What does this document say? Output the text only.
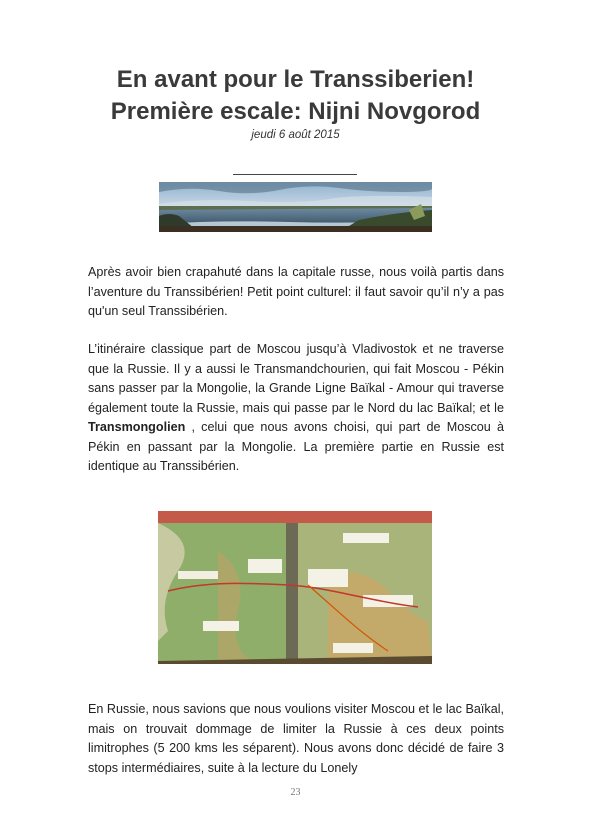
En avant pour le Transsiberien!
Première escale: Nijni Novgorod
jeudi 6 août 2015

Après avoir bien crapahuté dans la capitale russe, nous voilà partis dans l’aventure du Transsibérien! Petit point culturel: il faut savoir qu’il n’y a pas qu'un seul Transsibérien.

L’itinéraire classique part de Moscou jusqu’à Vladivostok et ne traverse que la Russie. Il y a aussi le Transmandchourien, qui fait Moscou - Pékin sans passer par la Mongolie, la Grande Ligne Baïkal - Amour qui traverse également toute la Russie, mais qui passe par le Nord du lac Baïkal; et le Transmongolien , celui que nous avons choisi, qui part de Moscou à Pékin en passant par la Mongolie. La première partie en Russie est identique au Transsibérien.

En Russie, nous savions que nous voulions visiter Moscou et le lac Baïkal, mais on trouvait dommage de limiter la Russie à ces deux points limitrophes (5 200 kms les séparent). Nous avons donc décidé de faire 3 stops intermédiaires, suite à la lecture du Lonely

23
